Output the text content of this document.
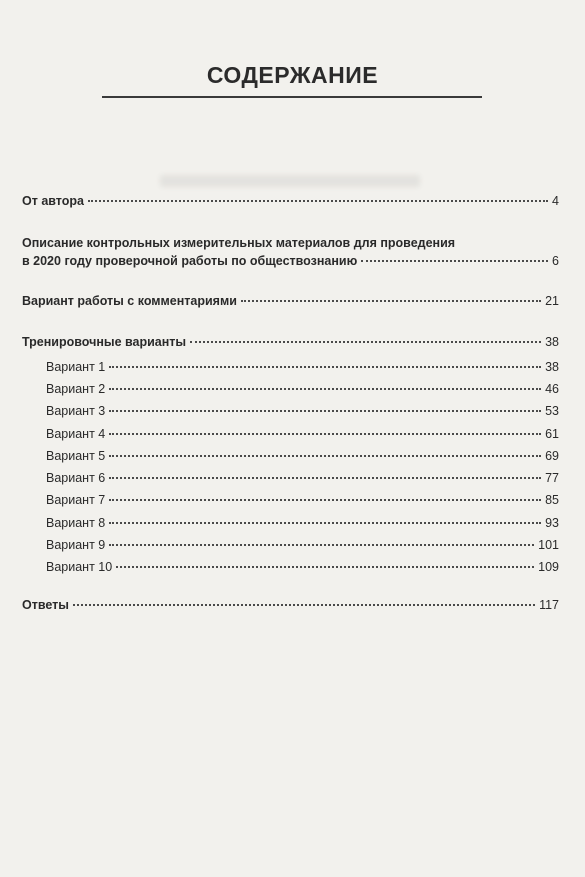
СОДЕРЖАНИЕ
От автора	4
Описание контрольных измерительных материалов для проведения
в 2020 году проверочной работы по обществознанию	6
Вариант работы с комментариями	21
Тренировочные варианты	38
Вариант 1	38
Вариант 2	46
Вариант 3	53
Вариант 4	61
Вариант 5	69
Вариант 6	77
Вариант 7	85
Вариант 8	93
Вариант 9	101
Вариант 10	109
Ответы	117
